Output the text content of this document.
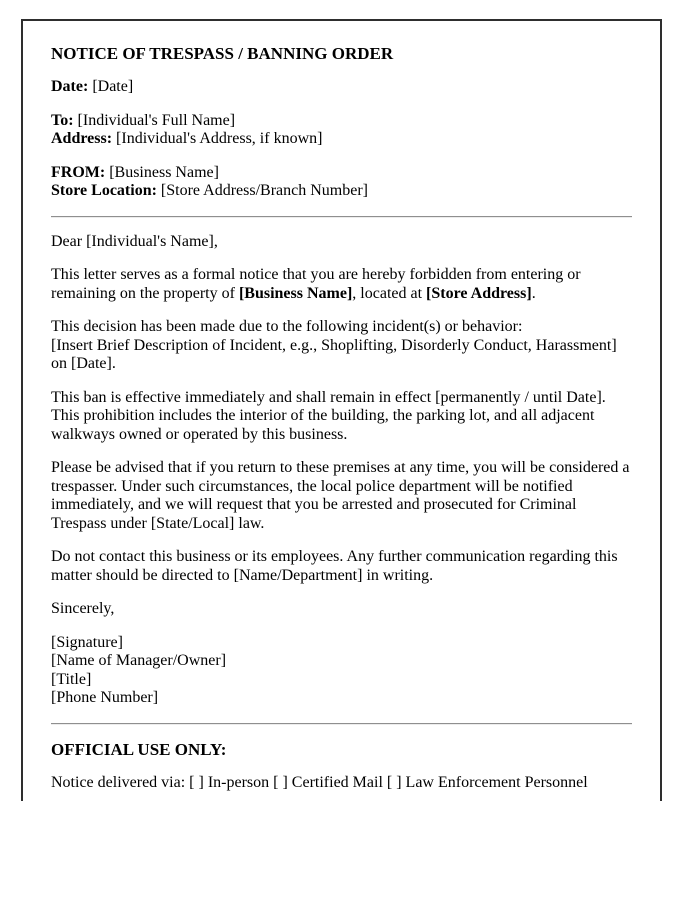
NOTICE OF TRESPASS / BANNING ORDER

Date: [Date]

To: [Individual's Full Name]
Address: [Individual's Address, if known]

FROM: [Business Name]
Store Location: [Store Address/Branch Number]

Dear [Individual's Name],

This letter serves as a formal notice that you are hereby forbidden from entering or remaining on the property of [Business Name], located at [Store Address].

This decision has been made due to the following incident(s) or behavior:
[Insert Brief Description of Incident, e.g., Shoplifting, Disorderly Conduct, Harassment] on [Date].

This ban is effective immediately and shall remain in effect [permanently / until Date]. This prohibition includes the interior of the building, the parking lot, and all adjacent walkways owned or operated by this business.

Please be advised that if you return to these premises at any time, you will be considered a trespasser. Under such circumstances, the local police department will be notified immediately, and we will request that you be arrested and prosecuted for Criminal Trespass under [State/Local] law.

Do not contact this business or its employees. Any further communication regarding this matter should be directed to [Name/Department] in writing.

Sincerely,

[Signature]
[Name of Manager/Owner]
[Title]
[Phone Number]

OFFICIAL USE ONLY:

Notice delivered via: [ ] In-person [ ] Certified Mail [ ] Law Enforcement Personnel
